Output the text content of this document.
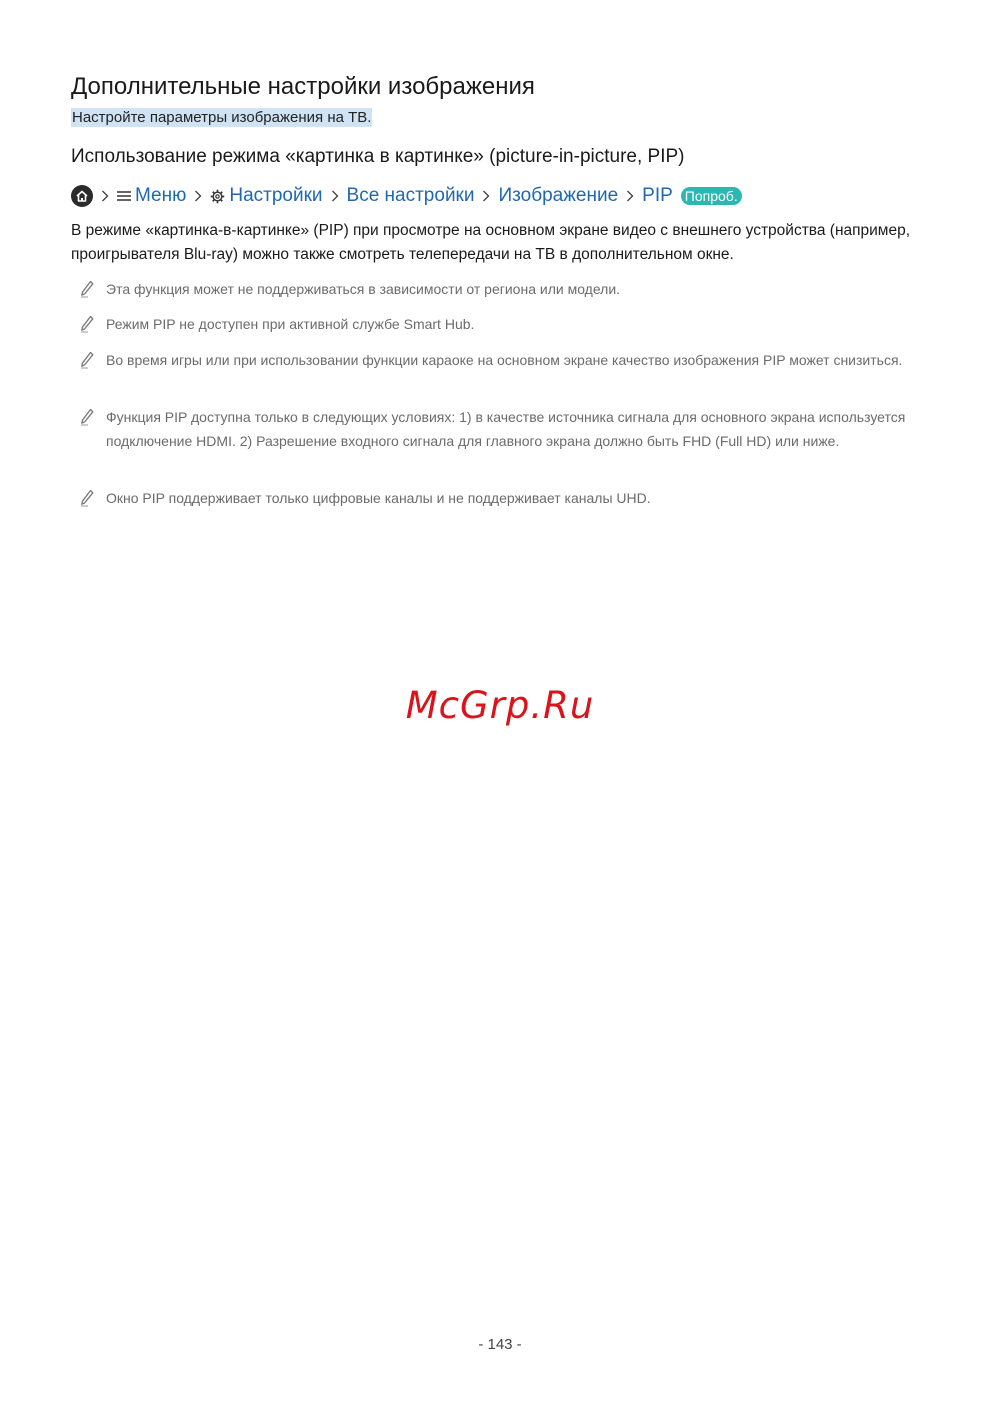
Дополнительные настройки изображения
Настройте параметры изображения на ТВ.
Использование режима «картинка в картинке» (picture-in-picture, PIP)
Меню Настройки Все настройки Изображение PIP Попроб.
В режиме «картинка-в-картинке» (PIP) при просмотре на основном экране видео с внешнего устройства (например, проигрывателя Blu-ray) можно также смотреть телепередачи на ТВ в дополнительном окне.
Эта функция может не поддерживаться в зависимости от региона или модели.
Режим PIP не доступен при активной службе Smart Hub.
Во время игры или при использовании функции караоке на основном экране качество изображения PIP может снизиться.
Функция PIP доступна только в следующих условиях: 1) в качестве источника сигнала для основного экрана используется подключение HDMI. 2) Разрешение входного сигнала для главного экрана должно быть FHD (Full HD) или ниже.
Окно PIP поддерживает только цифровые каналы и не поддерживает каналы UHD.
McGrp.Ru
- 143 -
